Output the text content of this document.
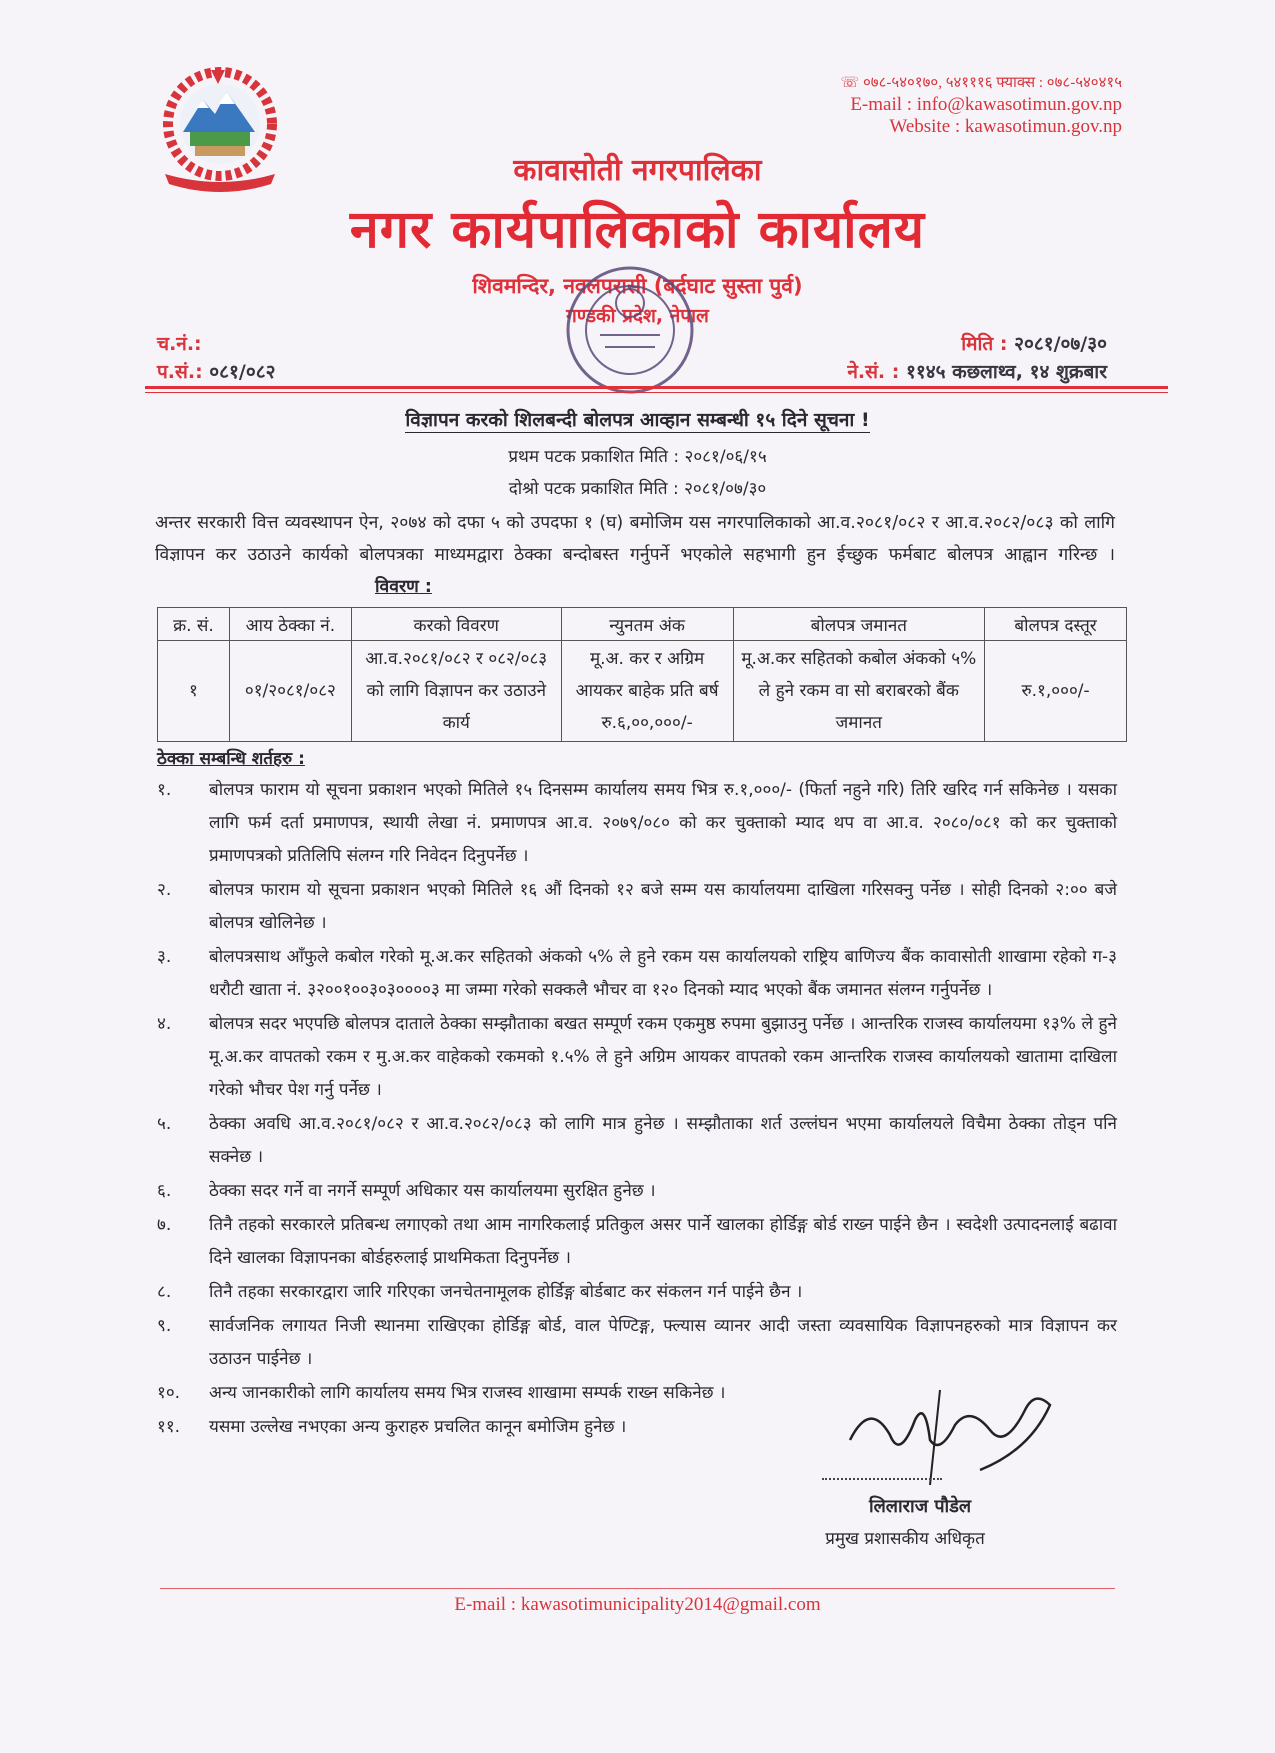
☏ ०७८-५४०१७०, ५४१११६ फ्याक्स : ०७८-५४०४१५
E-mail : info@kawasotimun.gov.np
Website : kawasotimun.gov.np
कावासोती नगरपालिका
नगर कार्यपालिकाको कार्यालय
शिवमन्दिर, नवलपरासी (बर्दघाट सुस्ता पुर्व)
गण्डकी प्रदेश, नेपाल
च.नं.:
प.सं.: ०८१/०८२
मिति : २०८१/०७/३०
ने.सं. : ११४५ कछलाथ्व, १४ शुक्रबार
विज्ञापन करको शिलबन्दी बोलपत्र आव्हान सम्बन्धी १५ दिने सूचना !
प्रथम पटक प्रकाशित मिति : २०८१/०६/१५
दोश्रो पटक प्रकाशित मिति : २०८१/०७/३०
अन्तर सरकारी वित्त व्यवस्थापन ऐन, २०७४ को दफा ५ को उपदफा १ (घ) बमोजिम यस नगरपालिकाको आ.व.२०८१/०८२ र आ.व.२०८२/०८३ को लागि विज्ञापन कर उठाउने कार्यको बोलपत्रका माध्यमद्वारा ठेक्का बन्दोबस्त गर्नुपर्ने भएकोले सहभागी हुन ईच्छुक फर्मबाट बोलपत्र आह्वान गरिन्छ । विवरण :
क्र. सं.	आय ठेक्का नं.	करको विवरण	न्युनतम अंक	बोलपत्र जमानत	बोलपत्र दस्तूर
१	०१/२०८१/०८२	आ.व.२०८१/०८२ र ०८२/०८३ को लागि विज्ञापन कर उठाउने कार्य	मू.अ. कर र अग्रिम आयकर बाहेक प्रति बर्ष रु.६,००,०००/-	मू.अ.कर सहितको कबोल अंकको ५% ले हुने रकम वा सो बराबरको बैंक जमानत	रु.१,०००/-
ठेक्का सम्बन्धि शर्तहरु :
१. बोलपत्र फाराम यो सूचना प्रकाशन भएको मितिले १५ दिनसम्म कार्यालय समय भित्र रु.१,०००/- (फिर्ता नहुने गरि) तिरि खरिद गर्न सकिनेछ । यसका लागि फर्म दर्ता प्रमाणपत्र, स्थायी लेखा नं. प्रमाणपत्र आ.व. २०७९/०८० को कर चुक्ताको म्याद थप वा आ.व. २०८०/०८१ को कर चुक्ताको प्रमाणपत्रको प्रतिलिपि संलग्न गरि निवेदन दिनुपर्नेछ ।
२. बोलपत्र फाराम यो सूचना प्रकाशन भएको मितिले १६ औं दिनको १२ बजे सम्म यस कार्यालयमा दाखिला गरिसक्नु पर्नेछ । सोही दिनको २:०० बजे बोलपत्र खोलिनेछ ।
३. बोलपत्रसाथ आँफुले कबोल गरेको मू.अ.कर सहितको अंकको ५% ले हुने रकम यस कार्यालयको राष्ट्रिय बाणिज्य बैंक कावासोती शाखामा रहेको ग-३ धरौटी खाता नं. ३२००१००३०३००००३ मा जम्मा गरेको सक्कलै भौचर वा १२० दिनको म्याद भएको बैंक जमानत संलग्न गर्नुपर्नेछ ।
४. बोलपत्र सदर भएपछि बोलपत्र दाताले ठेक्का सम्झौताका बखत सम्पूर्ण रकम एकमुष्ठ रुपमा बुझाउनु पर्नेछ । आन्तरिक राजस्व कार्यालयमा १३% ले हुने मू.अ.कर वापतको रकम र मु.अ.कर वाहेकको रकमको १.५% ले हुने अग्रिम आयकर वापतको रकम आन्तरिक राजस्व कार्यालयको खातामा दाखिला गरेको भौचर पेश गर्नु पर्नेछ ।
५. ठेक्का अवधि आ.व.२०८१/०८२ र आ.व.२०८२/०८३ को लागि मात्र हुनेछ । सम्झौताका शर्त उल्लंघन भएमा कार्यालयले विचैमा ठेक्का तोड्न पनि सक्नेछ ।
६. ठेक्का सदर गर्ने वा नगर्ने सम्पूर्ण अधिकार यस कार्यालयमा सुरक्षित हुनेछ ।
७. तिनै तहको सरकारले प्रतिबन्ध लगाएको तथा आम नागरिकलाई प्रतिकुल असर पार्ने खालका होर्डिङ्ग बोर्ड राख्न पाईने छैन । स्वदेशी उत्पादनलाई बढावा दिने खालका विज्ञापनका बोर्डहरुलाई प्राथमिकता दिनुपर्नेछ ।
८. तिनै तहका सरकारद्वारा जारि गरिएका जनचेतनामूलक होर्डिङ्ग बोर्डबाट कर संकलन गर्न पाईने छैन ।
९. सार्वजनिक लगायत निजी स्थानमा राखिएका होर्डिङ्ग बोर्ड, वाल पेण्टिङ्ग, फ्ल्यास व्यानर आदी जस्ता व्यवसायिक विज्ञापनहरुको मात्र विज्ञापन कर उठाउन पाईनेछ ।
१०. अन्य जानकारीको लागि कार्यालय समय भित्र राजस्व शाखामा सम्पर्क राख्न सकिनेछ ।
११. यसमा उल्लेख नभएका अन्य कुराहरु प्रचलित कानून बमोजिम हुनेछ ।
लिलाराज पौडेल
प्रमुख प्रशासकीय अधिकृत
E-mail : kawasotimunicipality2014@gmail.com
